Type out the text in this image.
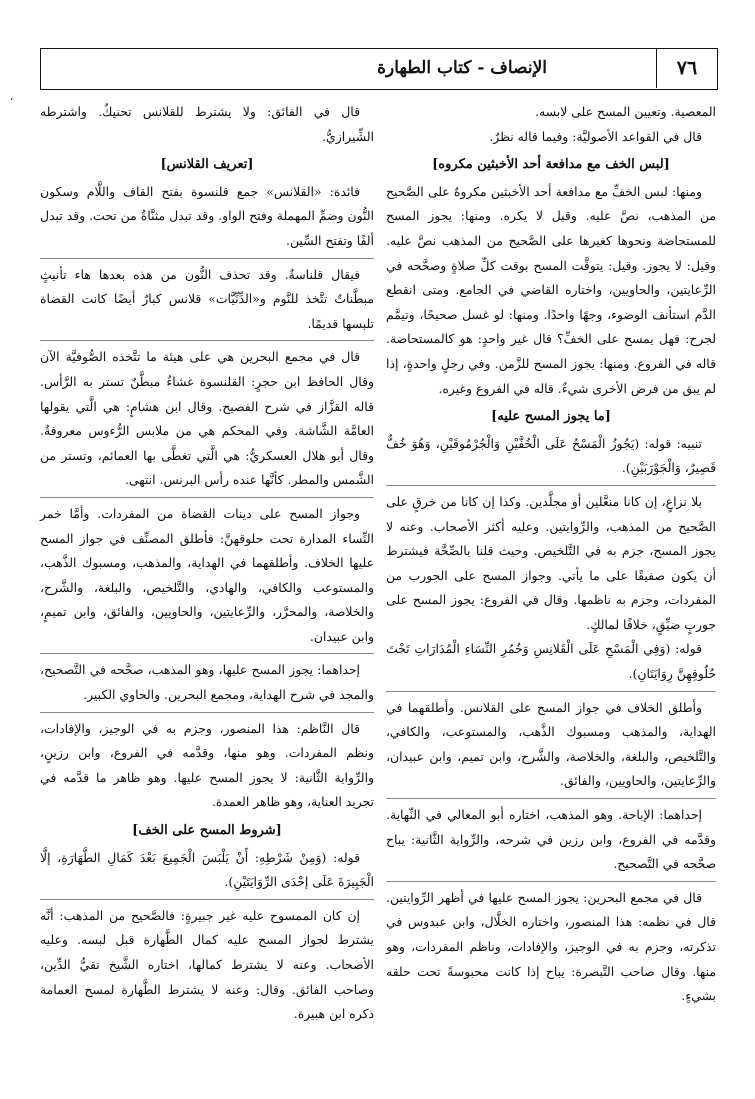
،
٧٦
الإنصاف - كتاب الطهارة

المعصية. وتعيين المسح على لابسه.

قال في القواعد الأصوليَّة: وفيما قاله نظرٌ.

[لبس الخف مع مدافعة أحد الأخبثين مكروه]

ومنها: لبس الخفِّ مع مدافعة أحد الأخبثين مكروهٌ على الصَّحيح من المذهب، نصَّ عليه. وقيل لا يكره. ومنها: يجوز المسح للمستحاضة ونحوها كغيرها على الصَّحيح من المذهب نصَّ عليه. وقيل: لا يجوز. وقيل: يتوقَّت المسح بوقت كلِّ صلاةٍ وصحَّحه في الرِّعايتين، والحاويين، واختاره القاضي في الجامع. ومتى انقطع الدَّم استأنف الوضوء، وجهًا واحدًا. ومنها: لو غسل صحيحًا، وتيمَّم لجرح: فهل يمسح على الخفِّ؟ قال غير واحدٍ: هو كالمستحاضة. قاله في الفروع. ومنها: يجوز المسح للزَّمن. وفي رجلٍ واحدةٍ، إذا لم يبق من فرض الأخرى شيءٌ. قاله في الفروع وغيره.

[ما يجوز المسح عليه]

تنبيه: قوله: (يَجُوزُ الْمَسْحُ عَلَى الْخُفَّيْنِ وَالْجُرْمُوقَيْنِ، وَهُوَ خُفٌّ قَصِيرٌ، وَالْجَوْرَبَيْنِ).

بلا نزاعٍ، إن كانا منعَّلين أو مجلَّدين. وكذا إن كانا من خرقٍ على الصَّحيح من المذهب، والرِّوايتين. وعليه أكثر الأصحاب. وعنه لا يجوز المسح، جزم به في التَّلخيص. وحيث قلنا بالصِّحَّة فيشترط أن يكون صفيقًا على ما يأتي. وجواز المسح على الجورب من المفردات، وجزم به ناظمها. وقال في الفروع: يجوز المسح على جوربٍ ضيِّقٍ، خلافًا لمالكٍ.

قوله: (وَفِي الْمَسْحِ عَلَى الْقَلانِسِ وَخُمُرِ النِّسَاءِ الْمُدَارَاتِ تَحْتَ حُلُوقِهِنَّ رِوَايَتَانِ).

وأطلق الخلاف في جواز المسح على القلانس. وأطلقهما في الهداية، والمذهب ومسبوك الذَّهب، والمستوعب، والكافي، والتَّلخيص، والبلغة، والخلاصة، والشَّرح، وابن تميم، وابن عبيدان، والرِّعايتين، والحاويين، والفائق.

إحداهما: الإباحة. وهو المذهب، اختاره أبو المعالي في النِّهاية. وقدَّمه في الفروع، وابن رزين في شرحه، والرِّواية الثَّانية: يباح صحَّحه في التَّصحيح.

قال في مجمع البحرين: يجوز المسح عليها في أظهر الرِّوايتين. قال في نظمه: هذا المنصور، واختاره الخلَّال، وابن عبدوس في تذكرته، وجزم به في الوجيز، والإفادات، وناظم المفردات، وهو منها. وقال صاحب التَّبصرة: يباح إذا كانت محبوسةً تحت حلقه بشيءٍ.

قال في الفائق: ولا يشترط للقلانس تحنيكٌ. واشترطه الشِّيرازيُّ.

[تعريف القلانس]

فائدة: «القلانس» جمع قلنسوة بفتح القاف واللَّام وسكون النُّون وضمِّ المهملة وفتح الواو. وقد تبدل مثنَّاةٌ من تحت. وقد تبدل ألفًا وتفتح السِّين.

فيقال قلناسةٌ. وقد تحذف النُّون من هذه بعدها هاء تأنيثٍ مبطَّناتٌ تتَّخذ للنَّوم و«الدِّنِّيَّات» قلانس كبارٌ أيضًا كانت القضاة تلبسها قديمًا.

قال في مجمع البحرين هي على هيئة ما تتَّخذه الصُّوفيَّة الآن وقال الحافظ ابن حجرٍ: القلنسوة غشاءٌ مبطَّنٌ تستر به الرَّأس. قاله القزَّاز في شرح الفصيح. وقال ابن هشامٍ: هي الَّتي يقولها العامَّة الشَّاشة. وفي المحكم هي من ملابس الرُّءوس معروفةٌ. وقال أبو هلال العسكريُّ: هي الَّتي تغطَّى بها العمائم، وتستر من الشَّمس والمطر. كأنَّها عنده رأس البرنس. انتهى.

وجواز المسح على دينات القضاة من المفردات. وأمَّا خمر النِّساء المدارة تحت حلوقهنَّ: فأطلق المصنِّف في جواز المسح عليها الخلاف. وأطلقهما في الهداية، والمذهب، ومسبوك الذَّهب، والمستوعب والكافي، والهادي، والتَّلخيص، والبلغة، والشَّرح، والخلاصة، والمحرَّر، والرِّعايتين، والحاويين، والفائق، وابن تميمٍ، وابن عبيدان.

إحداهما: يجوز المسح عليها، وهو المذهب، صحَّحه في التَّصحيح، والمجد في شرح الهداية، ومجمع البحرين. والحاوي الكبير.

قال النَّاظم: هذا المنصور، وجزم به في الوجيز، والإفادات، ونظم المفردات. وهو منها، وقدَّمه في الفروع، وابن رزينٍ، والرِّواية الثَّانية: لا يجوز المسح عليها. وهو ظاهر ما قدَّمه في تجريد العناية، وهو ظاهر العمدة.

[شروط المسح على الخف]

قوله: (وَمِنْ شَرْطِهِ: أَنْ يَلْبَسَ الْجَمِيعَ بَعْدَ كَمَالِ الطَّهَارَةِ، إلَّا الْجَبِيرَةَ عَلَى إحْدَى الرِّوَايَتَيْنِ).

إن كان الممسوح عليه غير جبيرةٍ: فالصَّحيح من المذهب: أنَّه يشترط لجواز المسح عليه كمال الطَّهارة قبل لبسه. وعليه الأصحاب. وعنه لا يشترط كمالها، اختاره الشَّيخ تقيُّ الدِّين، وصاحب الفائق. وقال: وعنه لا يشترط الطَّهارة لمسح العمامة ذكره ابن هبيرة.
